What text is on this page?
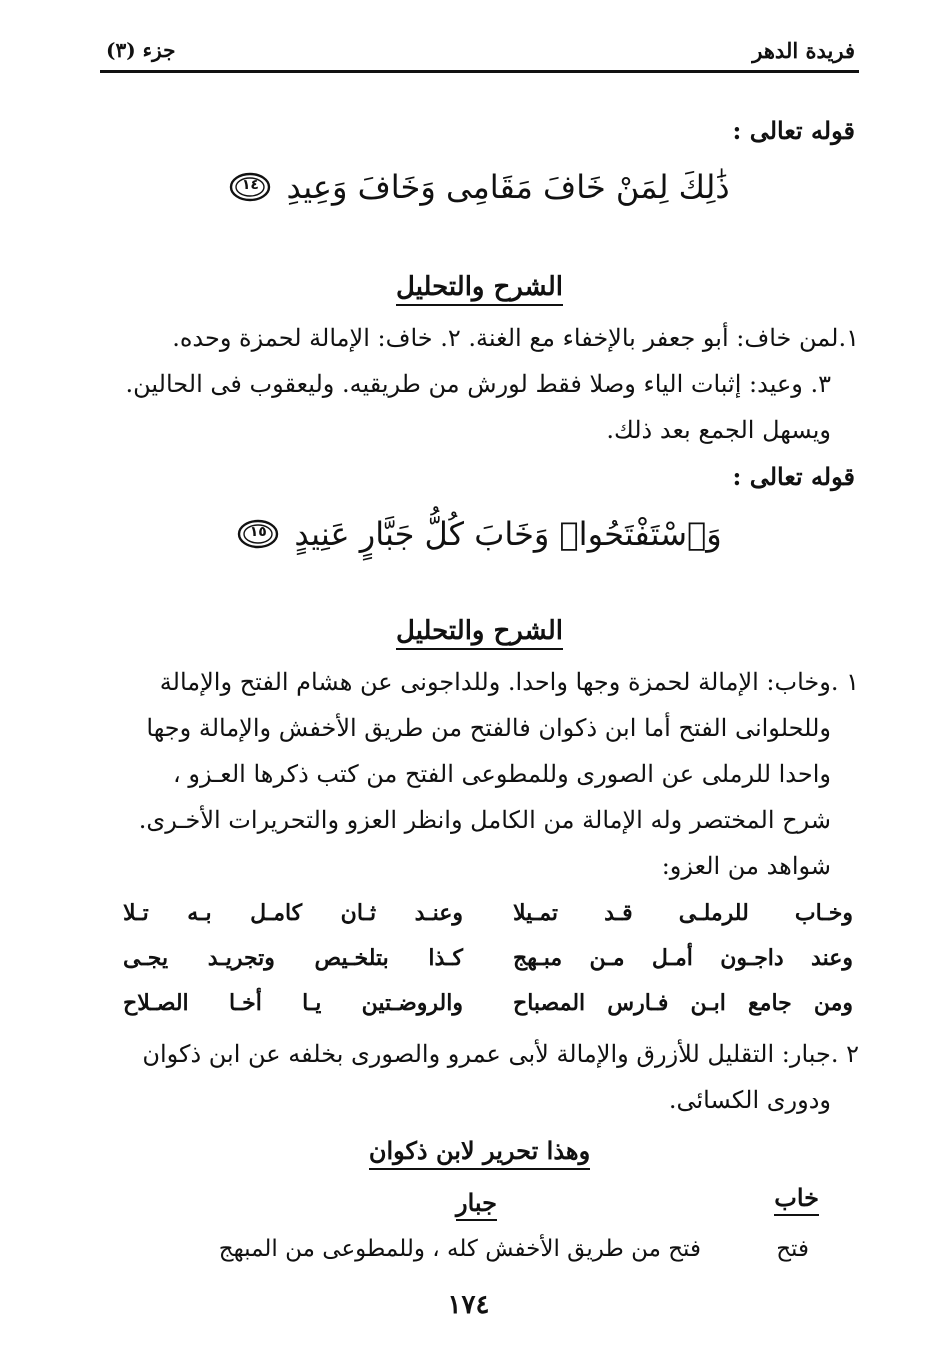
فريدة الدهر
جزء (٣)
قوله تعالى :
ذَٰلِكَ لِمَنْ خَافَ مَقَامِى وَخَافَ وَعِيدِ
١٤
الشرح والتحليل
١.لمن خاف: أبو جعفر بالإخفاء مع الغنة. ٢. خاف: الإمالة لحمزة وحده.
٣. وعيد: إثبات الياء وصلا فقط لورش من طريقيه. وليعقوب فى الحالين.
ويسهل الجمع بعد ذلك.
قوله تعالى :
وَٱسْتَفْتَحُوا۟ وَخَابَ كُلُّ جَبَّارٍ عَنِيدٍ
١٥
الشرح والتحليل
١ .وخاب: الإمالة لحمزة وجها واحدا. وللداجونى عن هشام الفتح والإمالة
وللحلوانى الفتح أما ابن ذكوان فالفتح من طريق الأخفش والإمالة وجها
واحدا للرملى عن الصورى وللمطوعى الفتح من كتب ذكرها العـزو ،
شرح المختصر وله الإمالة من الكامل وانظر العزو والتحريرات الأخـرى.
شواهد من العزو:
وخـاب للرملـى قـد تمـيلا
وعنـد ثـان كامـل بـه تـلا
وعند داجـون أمـل مـن مبـهج
كـذا بتلخـيص وتجريـد يجـى
ومن جامع ابـن فـارس المصباح
والروضـتين يـا أخـا الصـلاح
٢ .جبار: التقليل للأزرق والإمالة لأبى عمرو والصورى بخلفه عن ابن ذكوان
ودورى الكسائى.
وهذا تحرير لابن ذكوان
خاب
جبار
فتح
فتح من طريق الأخفش كله ، وللمطوعى من المبهج
١٧٤
